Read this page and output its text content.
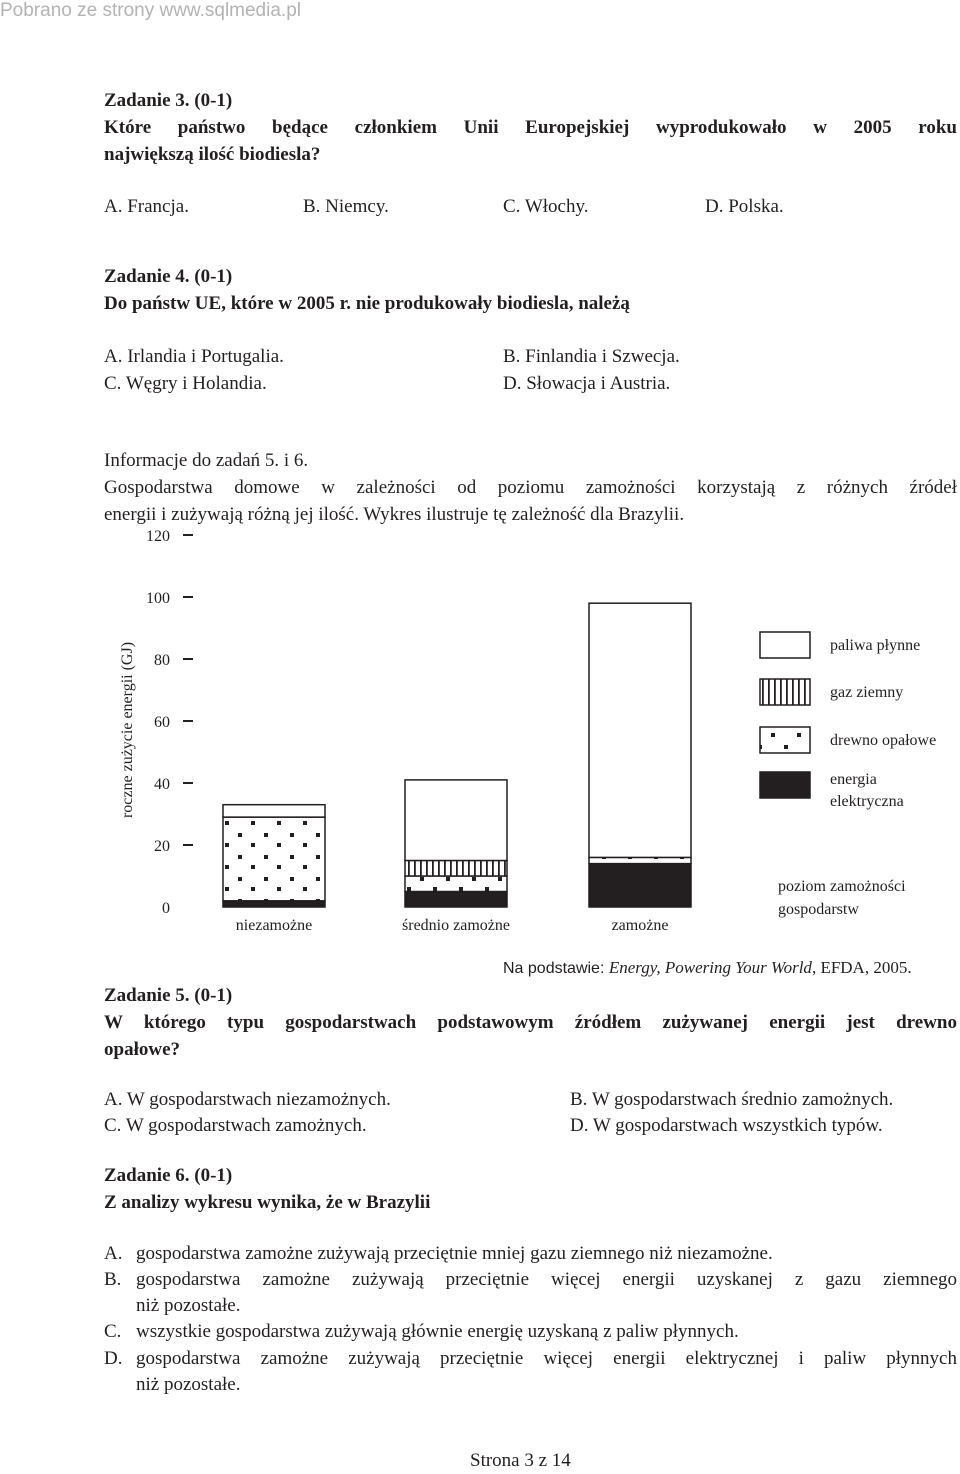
Pobrano ze strony www.sqlmedia.pl
Zadanie 3. (0-1)
Które państwo będące członkiem Unii Europejskiej wyprodukowało w 2005 roku
największą ilość biodiesla?
A. Francja.	B. Niemcy.	C. Włochy.	D. Polska.
Zadanie 4. (0-1)
Do państw UE, które w 2005 r. nie produkowały biodiesla, należą
A. Irlandia i Portugalia.	B. Finlandia i Szwecja.
C. Węgry i Holandia.	D. Słowacja i Austria.
Informacje do zadań 5. i 6.
Gospodarstwa domowe w zależności od poziomu zamożności korzystają z różnych źródeł
energii i zużywają różną jej ilość. Wykres ilustruje tę zależność dla Brazylii.
0
20
40
60
80
100
120
roczne zużycie energii (GJ)
niezamożne	średnio zamożne	zamożne
poziom zamożności
gospodarstw
paliwa płynne
gaz ziemny
drewno opałowe
energia
elektryczna
Na podstawie: Energy, Powering Your World, EFDA, 2005.
Zadanie 5. (0-1)
W którego typu gospodarstwach podstawowym źródłem zużywanej energii jest drewno
opałowe?
A. W gospodarstwach niezamożnych.	B. W gospodarstwach średnio zamożnych.
C. W gospodarstwach zamożnych.	D. W gospodarstwach wszystkich typów.
Zadanie 6. (0-1)
Z analizy wykresu wynika, że w Brazylii
A. gospodarstwa zamożne zużywają przeciętnie mniej gazu ziemnego niż niezamożne.
B. gospodarstwa zamożne zużywają przeciętnie więcej energii uzyskanej z gazu ziemnego
niż pozostałe.
C. wszystkie gospodarstwa zużywają głównie energię uzyskaną z paliw płynnych.
D. gospodarstwa zamożne zużywają przeciętnie więcej energii elektrycznej i paliw płynnych
niż pozostałe.
Strona 3 z 14
